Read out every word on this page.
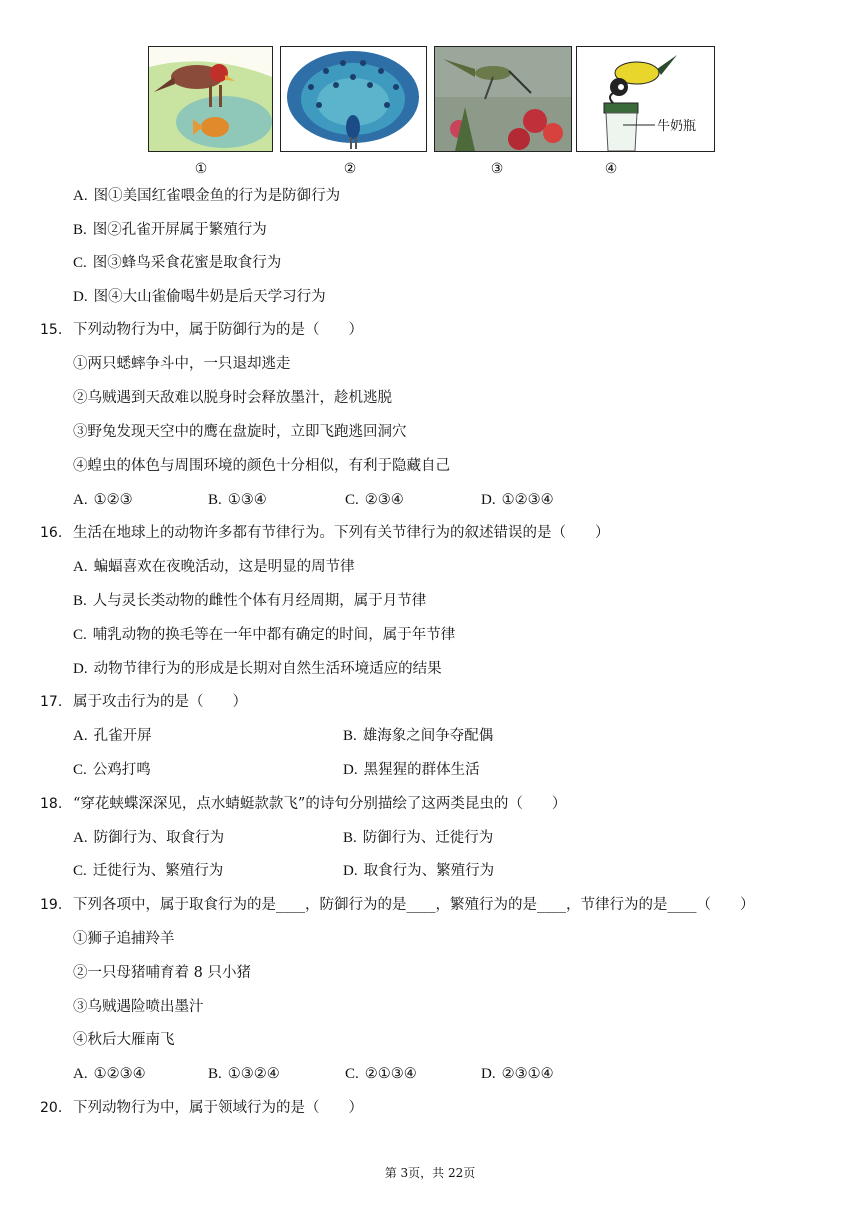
牛奶瓶
①	②	③	④
A. 图①美国红雀喂金鱼的行为是防御行为
B. 图②孔雀开屏属于繁殖行为
C. 图③蜂鸟采食花蜜是取食行为
D. 图④大山雀偷喝牛奶是后天学习行为
15. 下列动物行为中，属于防御行为的是（　　）
①两只蟋蟀争斗中，一只退却逃走
②乌贼遇到天敌难以脱身时会释放墨汁，趁机逃脱
③野兔发现天空中的鹰在盘旋时，立即飞跑逃回洞穴
④蝗虫的体色与周围环境的颜色十分相似，有利于隐藏自己
A. ①②③	B. ①③④	C. ②③④	D. ①②③④
16. 生活在地球上的动物许多都有节律行为。下列有关节律行为的叙述错误的是（　　）
A. 蝙蝠喜欢在夜晚活动，这是明显的周节律
B. 人与灵长类动物的雌性个体有月经周期，属于月节律
C. 哺乳动物的换毛等在一年中都有确定的时间，属于年节律
D. 动物节律行为的形成是长期对自然生活环境适应的结果
17. 属于攻击行为的是（　　）
A. 孔雀开屏	B. 雄海象之间争夺配偶
C. 公鸡打鸣	D. 黑猩猩的群体生活
18. “穿花蛱蝶深深见，点水蜻蜓款款飞”的诗句分别描绘了这两类昆虫的（　　）
A. 防御行为、取食行为	B. 防御行为、迁徙行为
C. 迁徙行为、繁殖行为	D. 取食行为、繁殖行为
19. 下列各项中，属于取食行为的是____，防御行为的是____，繁殖行为的是____，节律行为的是____（　　）
①狮子追捕羚羊
②一只母猪哺育着 8 只小猪
③乌贼遇险喷出墨汁
④秋后大雁南飞
A. ①②③④	B. ①③②④	C. ②①③④	D. ②③①④
20. 下列动物行为中，属于领域行为的是（　　）
第 3页，共 22页
